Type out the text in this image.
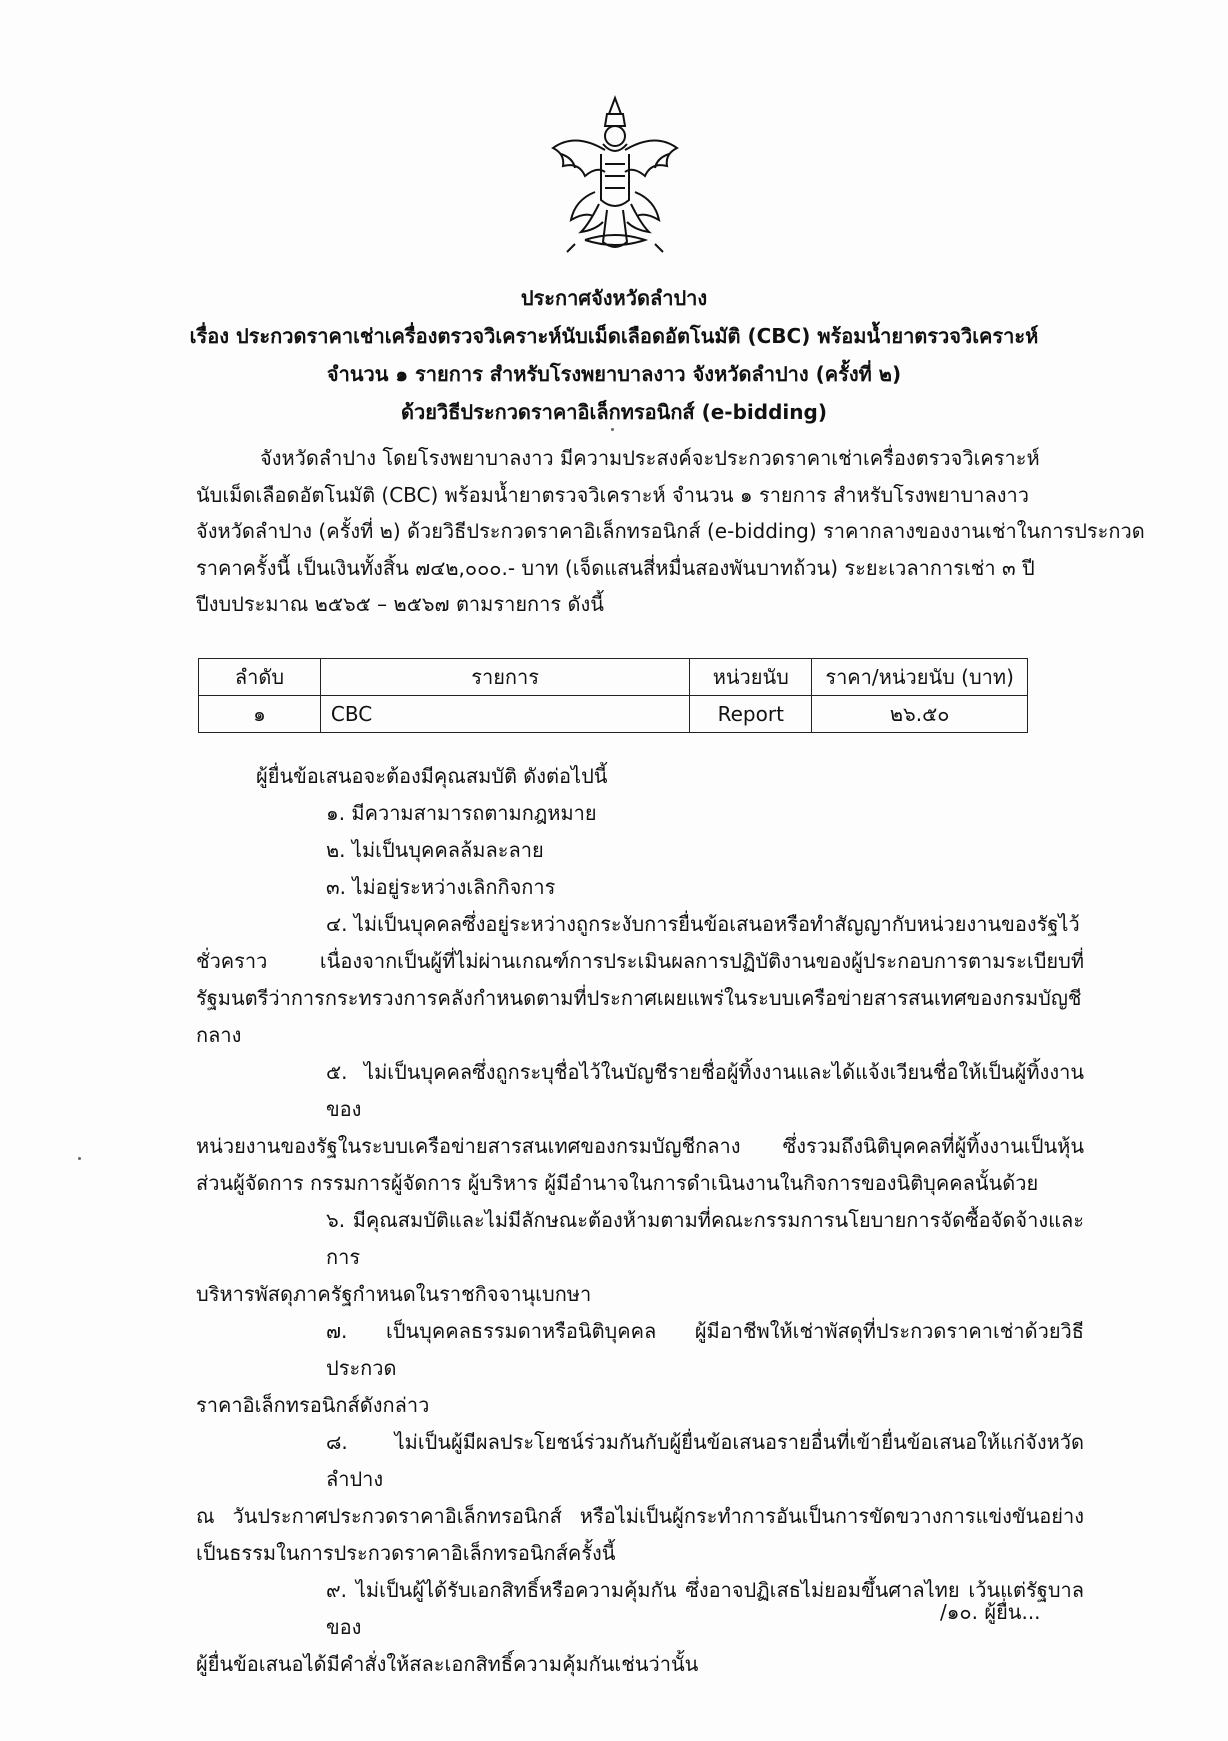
ประกาศจังหวัดลำปาง
เรื่อง ประกวดราคาเช่าเครื่องตรวจวิเคราะห์นับเม็ดเลือดอัตโนมัติ (CBC) พร้อมน้ำยาตรวจวิเคราะห์
จำนวน ๑ รายการ สำหรับโรงพยาบาลงาว จังหวัดลำปาง (ครั้งที่ ๒)
ด้วยวิธีประกวดราคาอิเล็กทรอนิกส์ (e-bidding)
จังหวัดลำปาง โดยโรงพยาบาลงาว มีความประสงค์จะประกวดราคาเช่าเครื่องตรวจวิเคราะห์
นับเม็ดเลือดอัตโนมัติ (CBC) พร้อมน้ำยาตรวจวิเคราะห์ จำนวน ๑ รายการ สำหรับโรงพยาบาลงาว
จังหวัดลำปาง (ครั้งที่ ๒) ด้วยวิธีประกวดราคาอิเล็กทรอนิกส์ (e-bidding) ราคากลางของงานเช่าในการประกวด
ราคาครั้งนี้ เป็นเงินทั้งสิ้น ๗๔๒,๐๐๐.- บาท (เจ็ดแสนสี่หมื่นสองพันบาทถ้วน) ระยะเวลาการเช่า ๓ ปี
ปีงบประมาณ ๒๕๖๕ – ๒๕๖๗ ตามรายการ ดังนี้
ลำดับ	รายการ	หน่วยนับ	ราคา/หน่วยนับ (บาท)
๑	CBC	Report	๒๖.๕๐

ผู้ยื่นข้อเสนอจะต้องมีคุณสมบัติ ดังต่อไปนี้

๑. มีความสามารถตามกฎหมาย

๒. ไม่เป็นบุคคลล้มละลาย

๓. ไม่อยู่ระหว่างเลิกกิจการ

๔. ไม่เป็นบุคคลซึ่งอยู่ระหว่างถูกระงับการยื่นข้อเสนอหรือทำสัญญากับหน่วยงานของรัฐไว้

ชั่วคราว เนื่องจากเป็นผู้ที่ไม่ผ่านเกณฑ์การประเมินผลการปฏิบัติงานของผู้ประกอบการตามระเบียบที่รัฐมนตรีว่าการกระทรวงการคลังกำหนดตามที่ประกาศเผยแพร่ในระบบเครือข่ายสารสนเทศของกรมบัญชีกลาง

๕. ไม่เป็นบุคคลซึ่งถูกระบุชื่อไว้ในบัญชีรายชื่อผู้ทิ้งงานและได้แจ้งเวียนชื่อให้เป็นผู้ทิ้งงานของ

หน่วยงานของรัฐในระบบเครือข่ายสารสนเทศของกรมบัญชีกลาง ซึ่งรวมถึงนิติบุคคลที่ผู้ทิ้งงานเป็นหุ้นส่วนผู้จัดการ กรรมการผู้จัดการ ผู้บริหาร ผู้มีอำนาจในการดำเนินงานในกิจการของนิติบุคคลนั้นด้วย

๖. มีคุณสมบัติและไม่มีลักษณะต้องห้ามตามที่คณะกรรมการนโยบายการจัดซื้อจัดจ้างและการ

บริหารพัสดุภาครัฐกำหนดในราชกิจจานุเบกษา

๗. เป็นบุคคลธรรมดาหรือนิติบุคคล ผู้มีอาชีพให้เช่าพัสดุที่ประกวดราคาเช่าด้วยวิธีประกวด

ราคาอิเล็กทรอนิกส์ดังกล่าว

๘. ไม่เป็นผู้มีผลประโยชน์ร่วมกันกับผู้ยื่นข้อเสนอรายอื่นที่เข้ายื่นข้อเสนอให้แก่จังหวัดลำปาง

ณ วันประกาศประกวดราคาอิเล็กทรอนิกส์ หรือไม่เป็นผู้กระทำการอันเป็นการขัดขวางการแข่งขันอย่างเป็นธรรมในการประกวดราคาอิเล็กทรอนิกส์ครั้งนี้

๙. ไม่เป็นผู้ได้รับเอกสิทธิ์หรือความคุ้มกัน ซึ่งอาจปฏิเสธไม่ยอมขึ้นศาลไทย เว้นแต่รัฐบาลของ

ผู้ยื่นข้อเสนอได้มีคำสั่งให้สละเอกสิทธิ์ความคุ้มกันเช่นว่านั้น

/๑๐. ผู้ยื่น...
